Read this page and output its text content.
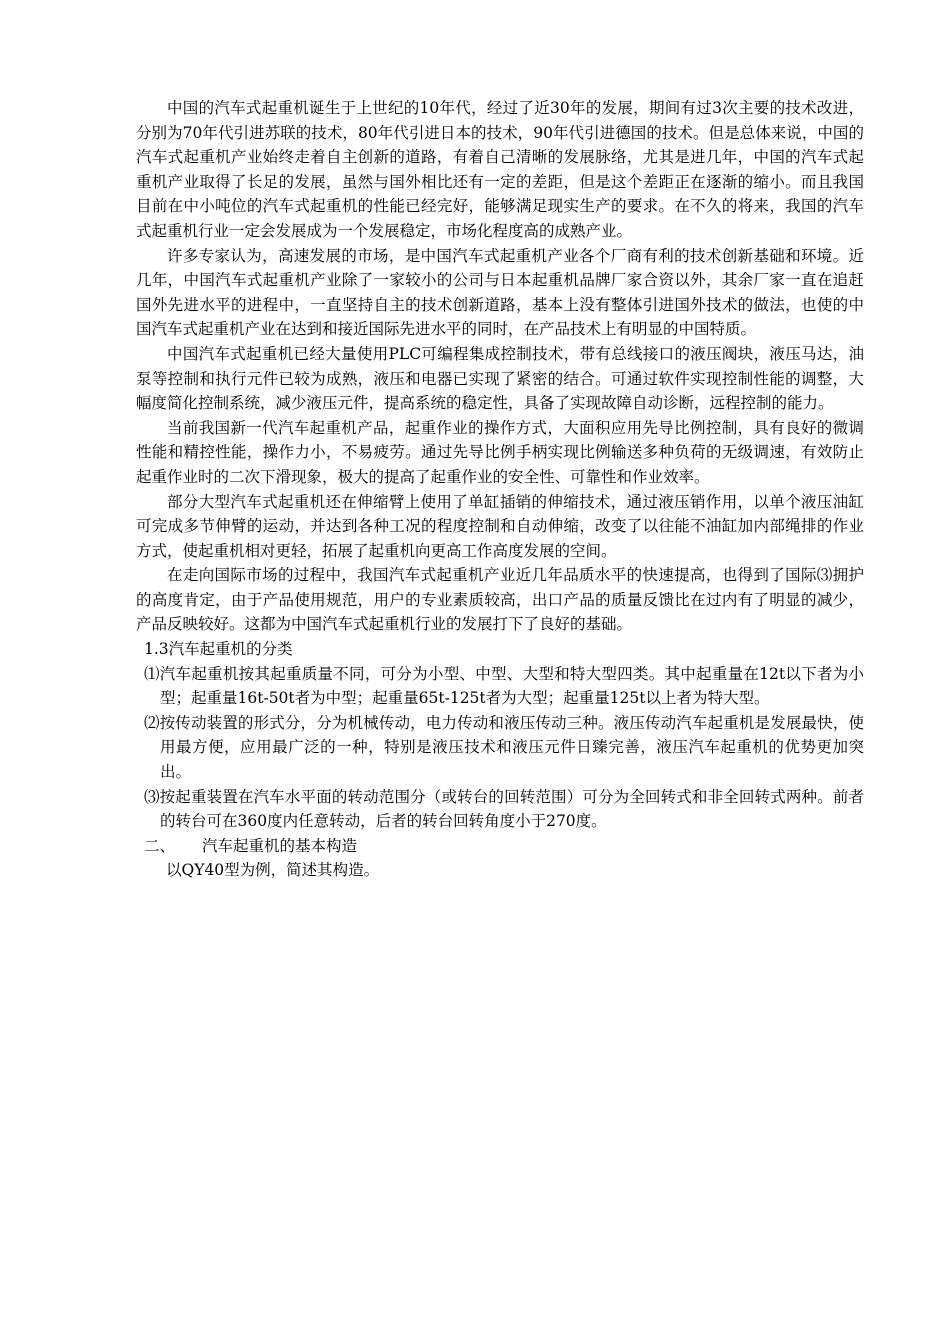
中国的汽车式起重机诞生于上世纪的10年代，经过了近30年的发展，期间有过3次主要的技术改进，分别为70年代引进苏联的技术，80年代引进日本的技术，90年代引进德国的技术。但是总体来说，中国的汽车式起重机产业始终走着自主创新的道路，有着自己清晰的发展脉络，尤其是进几年，中国的汽车式起重机产业取得了长足的发展，虽然与国外相比还有一定的差距，但是这个差距正在逐渐的缩小。而且我国目前在中小吨位的汽车式起重机的性能已经完好，能够满足现实生产的要求。在不久的将来，我国的汽车式起重机行业一定会发展成为一个发展稳定，市场化程度高的成熟产业。

许多专家认为，高速发展的市场，是中国汽车式起重机产业各个厂商有利的技术创新基础和环境。近几年，中国汽车式起重机产业除了一家较小的公司与日本起重机品牌厂家合资以外，其余厂家一直在追赶国外先进水平的进程中，一直坚持自主的技术创新道路，基本上没有整体引进国外技术的做法，也使的中国汽车式起重机产业在达到和接近国际先进水平的同时，在产品技术上有明显的中国特质。

中国汽车式起重机已经大量使用PLC可编程集成控制技术，带有总线接口的液压阀块，液压马达，油泵等控制和执行元件已较为成熟，液压和电器已实现了紧密的结合。可通过软件实现控制性能的调整，大幅度简化控制系统，减少液压元件，提高系统的稳定性，具备了实现故障自动诊断，远程控制的能力。

当前我国新一代汽车起重机产品，起重作业的操作方式，大面积应用先导比例控制，具有良好的微调性能和精控性能，操作力小，不易疲劳。通过先导比例手柄实现比例输送多种负荷的无级调速，有效防止起重作业时的二次下滑现象，极大的提高了起重作业的安全性、可靠性和作业效率。

部分大型汽车式起重机还在伸缩臂上使用了单缸插销的伸缩技术，通过液压销作用，以单个液压油缸可完成多节伸臂的运动，并达到各种工况的程度控制和自动伸缩，改变了以往能不油缸加内部绳排的作业方式，使起重机相对更轻，拓展了起重机向更高工作高度发展的空间。

在走向国际市场的过程中，我国汽车式起重机产业近几年品质水平的快速提高，也得到了国际⑶拥护的高度肯定，由于产品使用规范，用户的专业素质较高，出口产品的质量反馈比在过内有了明显的减少，产品反映较好。这都为中国汽车式起重机行业的发展打下了良好的基础。

1.3汽车起重机的分类

⑴汽车起重机按其起重质量不同，可分为小型、中型、大型和特大型四类。其中起重量在12t以下者为小型；起重量16t-50t者为中型；起重量65t-125t者为大型；起重量125t以上者为特大型。

⑵按传动装置的形式分，分为机械传动，电力传动和液压传动三种。液压传动汽车起重机是发展最快，使用最方便，应用最广泛的一种，特别是液压技术和液压元件日臻完善，液压汽车起重机的优势更加突出。

⑶按起重装置在汽车水平面的转动范围分（或转台的回转范围）可分为全回转式和非全回转式两种。前者的转台可在360度内任意转动，后者的转台回转角度小于270度。

二、 汽车起重机的基本构造

以QY40型为例，简述其构造。
